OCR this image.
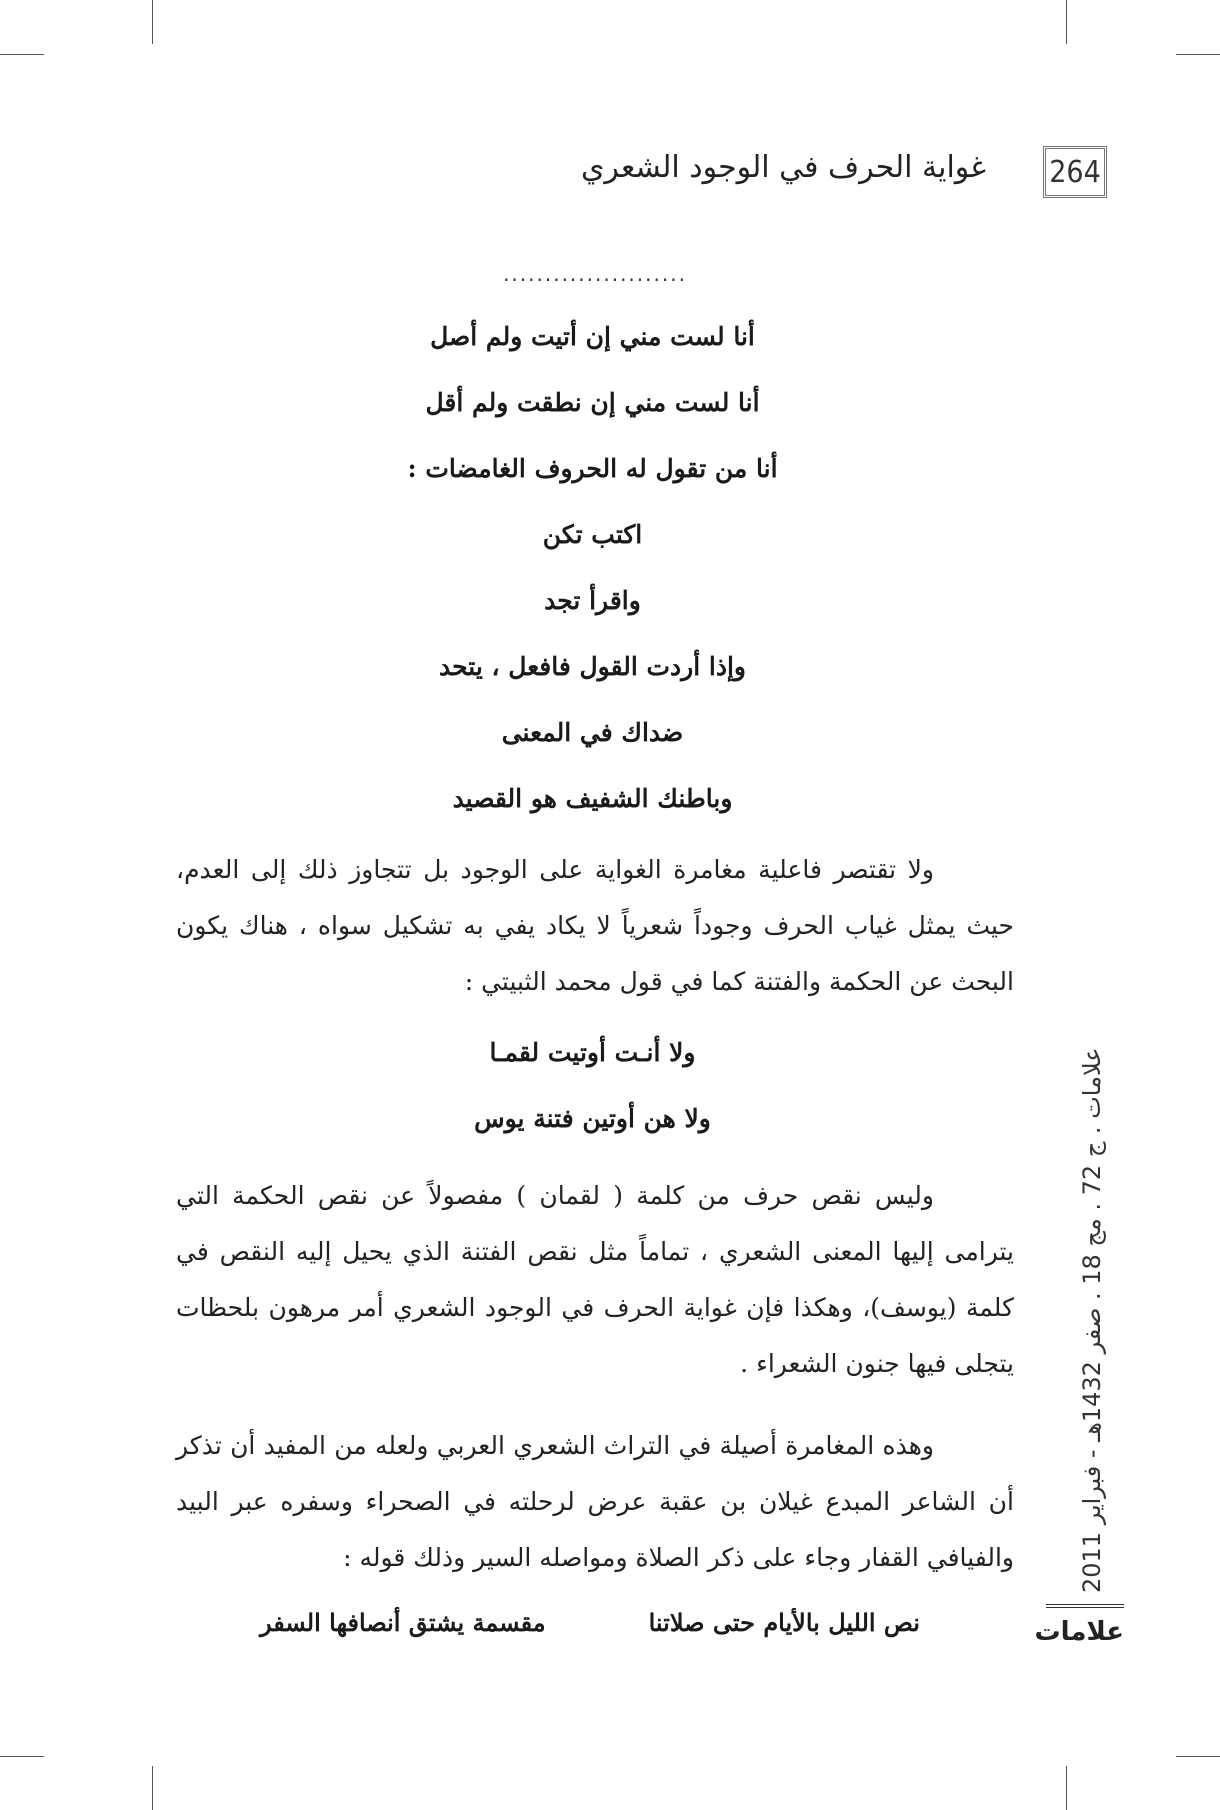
غواية الحرف في الوجود الشعري 264
......................
أنا لست مني إن أتيت ولم أصل
أنا لست مني إن نطقت ولم أقل
أنا من تقول له الحروف الغامضات :
اكتب تكن
واقرأ تجد
وإذا أردت القول فافعل ، يتحد
ضداك في المعنى
وباطنك الشفيف هو القصيد

ولا تقتصر فاعلية مغامرة الغواية على الوجود بل تتجاوز ذلك إلى العدم، حيث يمثل غياب الحرف وجوداً شعرياً لا يكاد يفي به تشكيل سواه ، هناك يكون البحث عن الحكمة والفتنة كما في قول محمد الثبيتي :

ولا أنـت أوتيت لقمـا
ولا هن أوتين فتنة يوس

وليس نقص حرف من كلمة ( لقمان ) مفصولاً عن نقص الحكمة التي يترامى إليها المعنى الشعري ، تماماً مثل نقص الفتنة الذي يحيل إليه النقص في كلمة (يوسف)، وهكذا فإن غواية الحرف في الوجود الشعري أمر مرهون بلحظات يتجلى فيها جنون الشعراء .

وهذه المغامرة أصيلة في التراث الشعري العربي ولعله من المفيد أن تذكر أن الشاعر المبدع غيلان بن عقبة عرض لرحلته في الصحراء وسفره عبر البيد والفيافي القفار وجاء على ذكر الصلاة ومواصله السير وذلك قوله :

نص الليل بالأيام حتى صلاتنا
مقسمة يشتق أنصافها السفر
علامات . ج 72 . مج 18 . صفر 1432هـ - فبراير 2011
علامات
